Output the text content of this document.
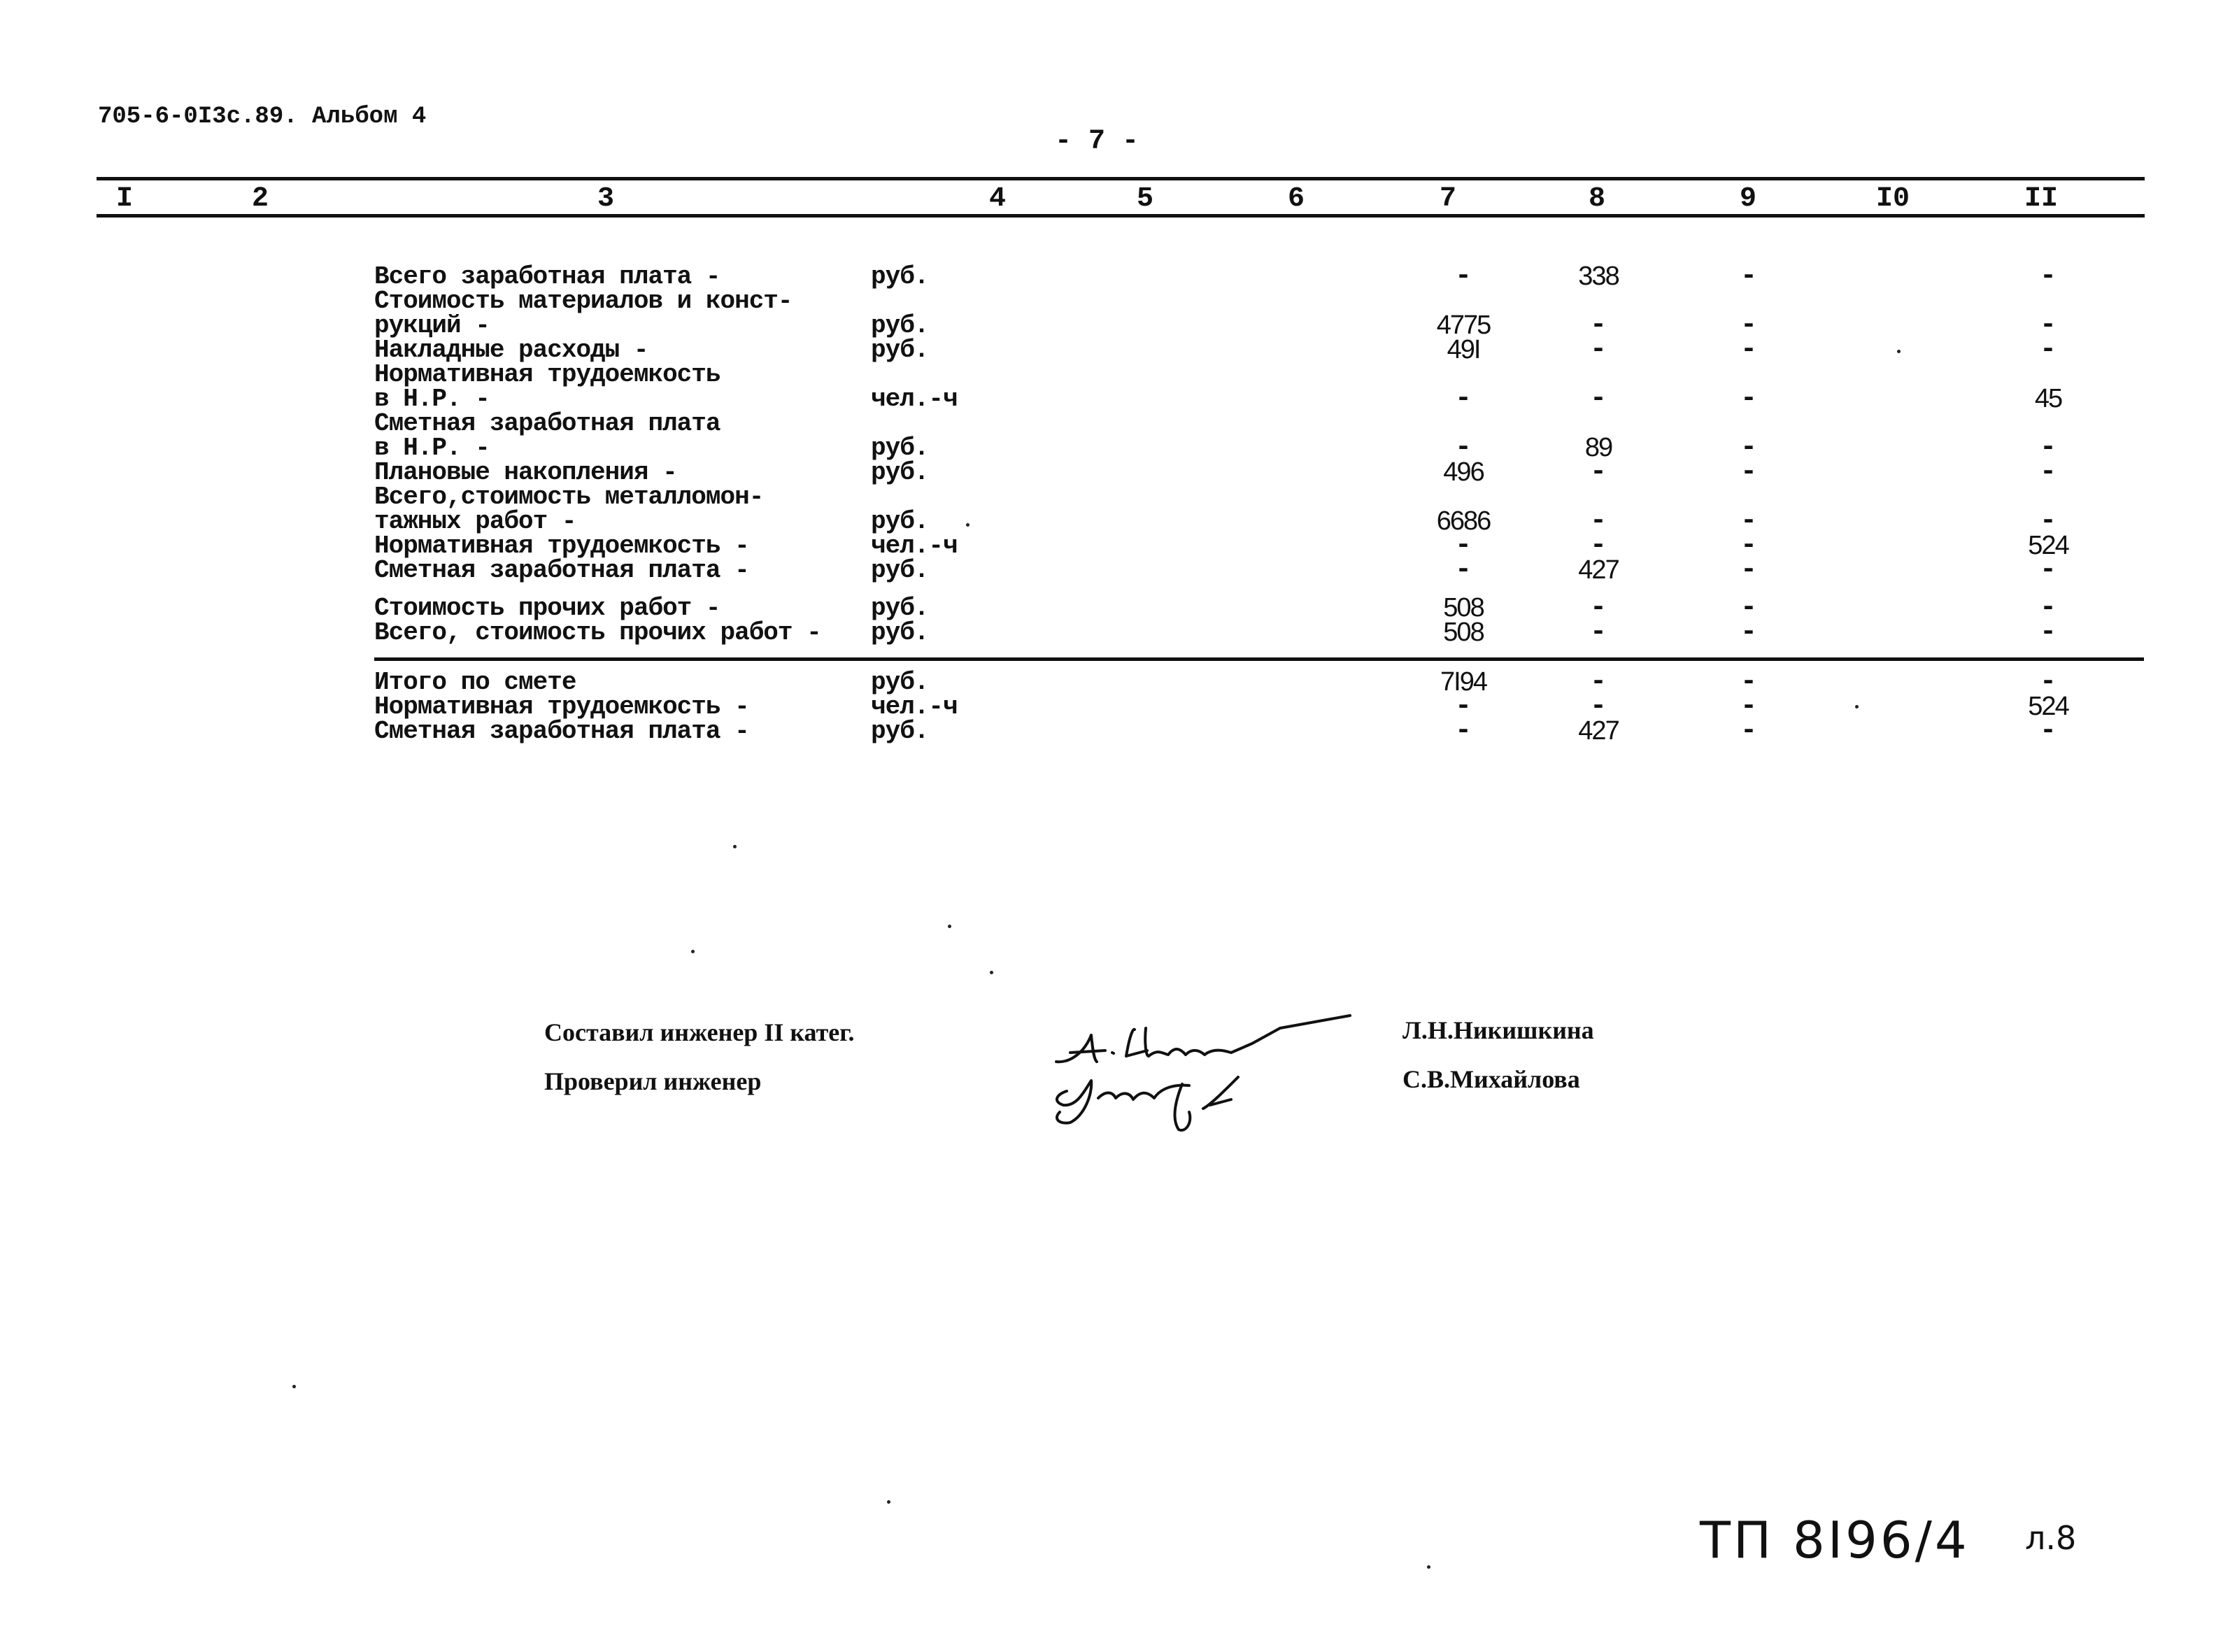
705-6-0I3c.89. Альбом 4
- 7 -
I	2	3	4	5	6	7	8	9	I0	II
Всего заработная плата -	руб.	-	338	-	-
Стоимость материалов и конст-
рукций -	руб.	4775	-	-	-
Накладные расходы -	руб.	49I	-	-	-
Нормативная трудоемкость
в Н.Р. -	чел.-ч	-	-	-	45
Сметная заработная плата
в Н.Р. -	руб.	-	89	-	-
Плановые накопления -	руб.	496	-	-	-
Всего,стоимость металломон-
тажных работ -	руб.	6686	-	-	-
Нормативная трудоемкость -	чел.-ч	-	-	-	524
Сметная заработная плата -	руб.	-	427	-	-
Стоимость прочих работ -	руб.	508	-	-	-
Всего, стоимость прочих работ - руб.	508	-	-	-
Итого по смете	руб.	7I94	-	-	-
Нормативная трудоемкость -	чел.-ч	-	-	-	524
Сметная заработная плата -	руб.	-	427	-	-
Составил инженер II катег.
Проверил инженер
Л.Н.Никишкина
С.В.Михайлова
ТП 8I96/4 л.8
